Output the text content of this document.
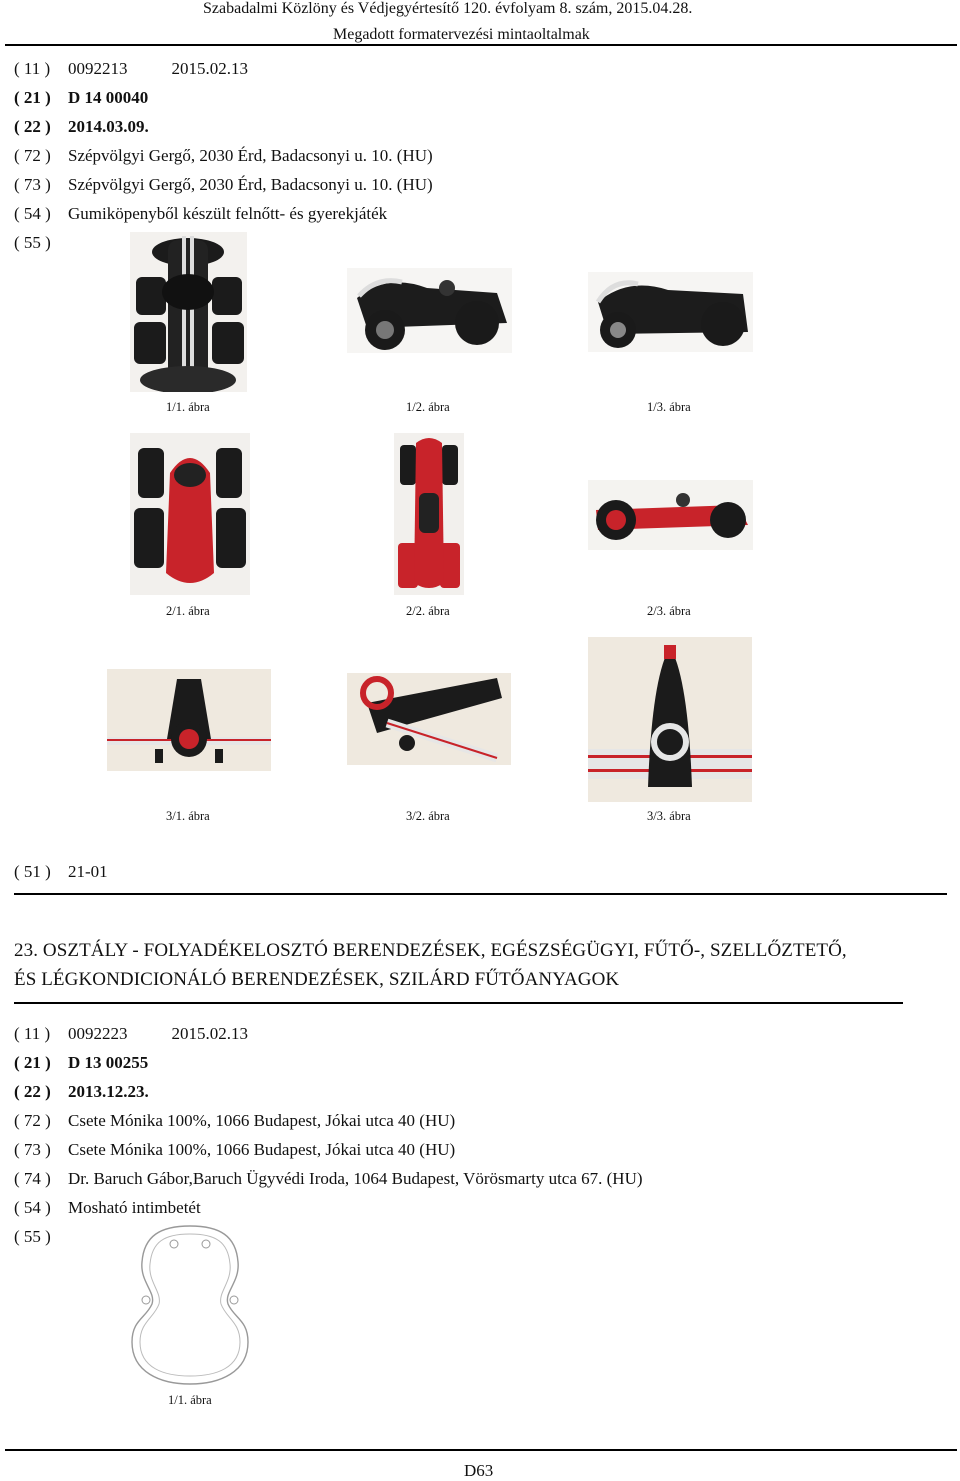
Szabadalmi Közlöny és Védjegyértesítő 120. évfolyam 8. szám, 2015.04.28.
Megadott formatervezési mintaoltalmak
( 11 ) 0092213	2015.02.13
( 21 ) D 14 00040
( 22 ) 2014.03.09.
( 72 ) Szépvölgyi Gergő, 2030 Érd, Badacsonyi u. 10. (HU)
( 73 ) Szépvölgyi Gergő, 2030 Érd, Badacsonyi u. 10. (HU)
( 54 ) Gumiköpenyből készült felnőtt- és gyerekjáték
( 55 )
1/1. ábra	1/2. ábra	1/3. ábra
2/1. ábra	2/2. ábra	2/3. ábra
3/1. ábra	3/2. ábra	3/3. ábra
( 51 ) 21-01
23. OSZTÁLY - FOLYADÉKELOSZTÓ BERENDEZÉSEK, EGÉSZSÉGÜGYI, FŰTŐ-, SZELLŐZTETŐ,
ÉS LÉGKONDICIONÁLÓ BERENDEZÉSEK, SZILÁRD FŰTŐANYAGOK
( 11 ) 0092223	2015.02.13
( 21 ) D 13 00255
( 22 ) 2013.12.23.
( 72 ) Csete Mónika 100%, 1066 Budapest, Jókai utca 40 (HU)
( 73 ) Csete Mónika 100%, 1066 Budapest, Jókai utca 40 (HU)
( 74 ) Dr. Baruch Gábor,Baruch Ügyvédi Iroda, 1064 Budapest, Vörösmarty utca 67. (HU)
( 54 ) Mosható intimbetét
( 55 )
1/1. ábra
D63
